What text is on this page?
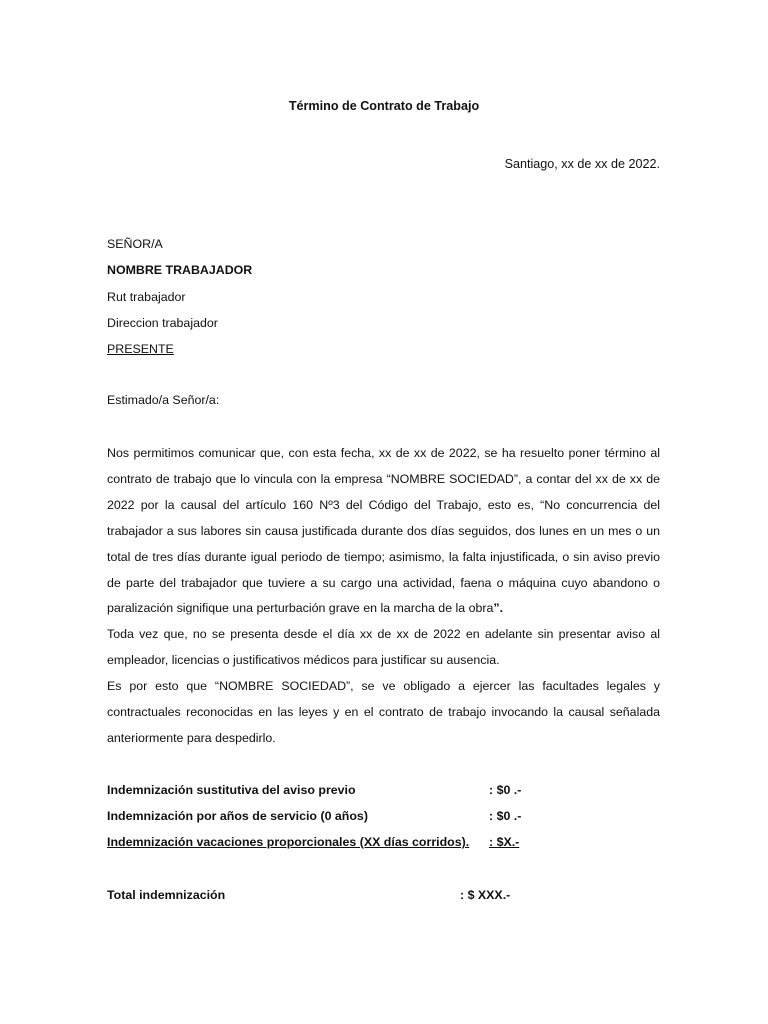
Término de Contrato de Trabajo
Santiago, xx de xx de 2022.
SEÑOR/A
NOMBRE TRABAJADOR
Rut trabajador
Direccion trabajador
PRESENTE
Estimado/a Señor/a:

Nos permitimos comunicar que, con esta fecha, xx de xx de 2022, se ha resuelto poner término al contrato de trabajo que lo vincula con la empresa “NOMBRE SOCIEDAD”, a contar del xx de xx de 2022 por la causal del artículo 160 Nº3 del Código del Trabajo, esto es, “No concurrencia del trabajador a sus labores sin causa justificada durante dos días seguidos, dos lunes en un mes o un total de tres días durante igual periodo de tiempo; asimismo, la falta injustificada, o sin aviso previo de parte del trabajador que tuviere a su cargo una actividad, faena o máquina cuyo abandono o paralización signifique una perturbación grave en la marcha de la obra”.

Toda vez que, no se presenta desde el día xx de xx de 2022 en adelante sin presentar aviso al empleador, licencias o justificativos médicos para justificar su ausencia.

Es por esto que “NOMBRE SOCIEDAD”, se ve obligado a ejercer las facultades legales y contractuales reconocidas en las leyes y en el contrato de trabajo invocando la causal señalada anteriormente para despedirlo.

Indemnización sustitutiva del aviso previo	: $0 .-
Indemnización por años de servicio (0 años)	: $0 .-
Indemnización vacaciones proporcionales (XX días corridos). : $X.-
Total indemnización	: $ XXX.-
